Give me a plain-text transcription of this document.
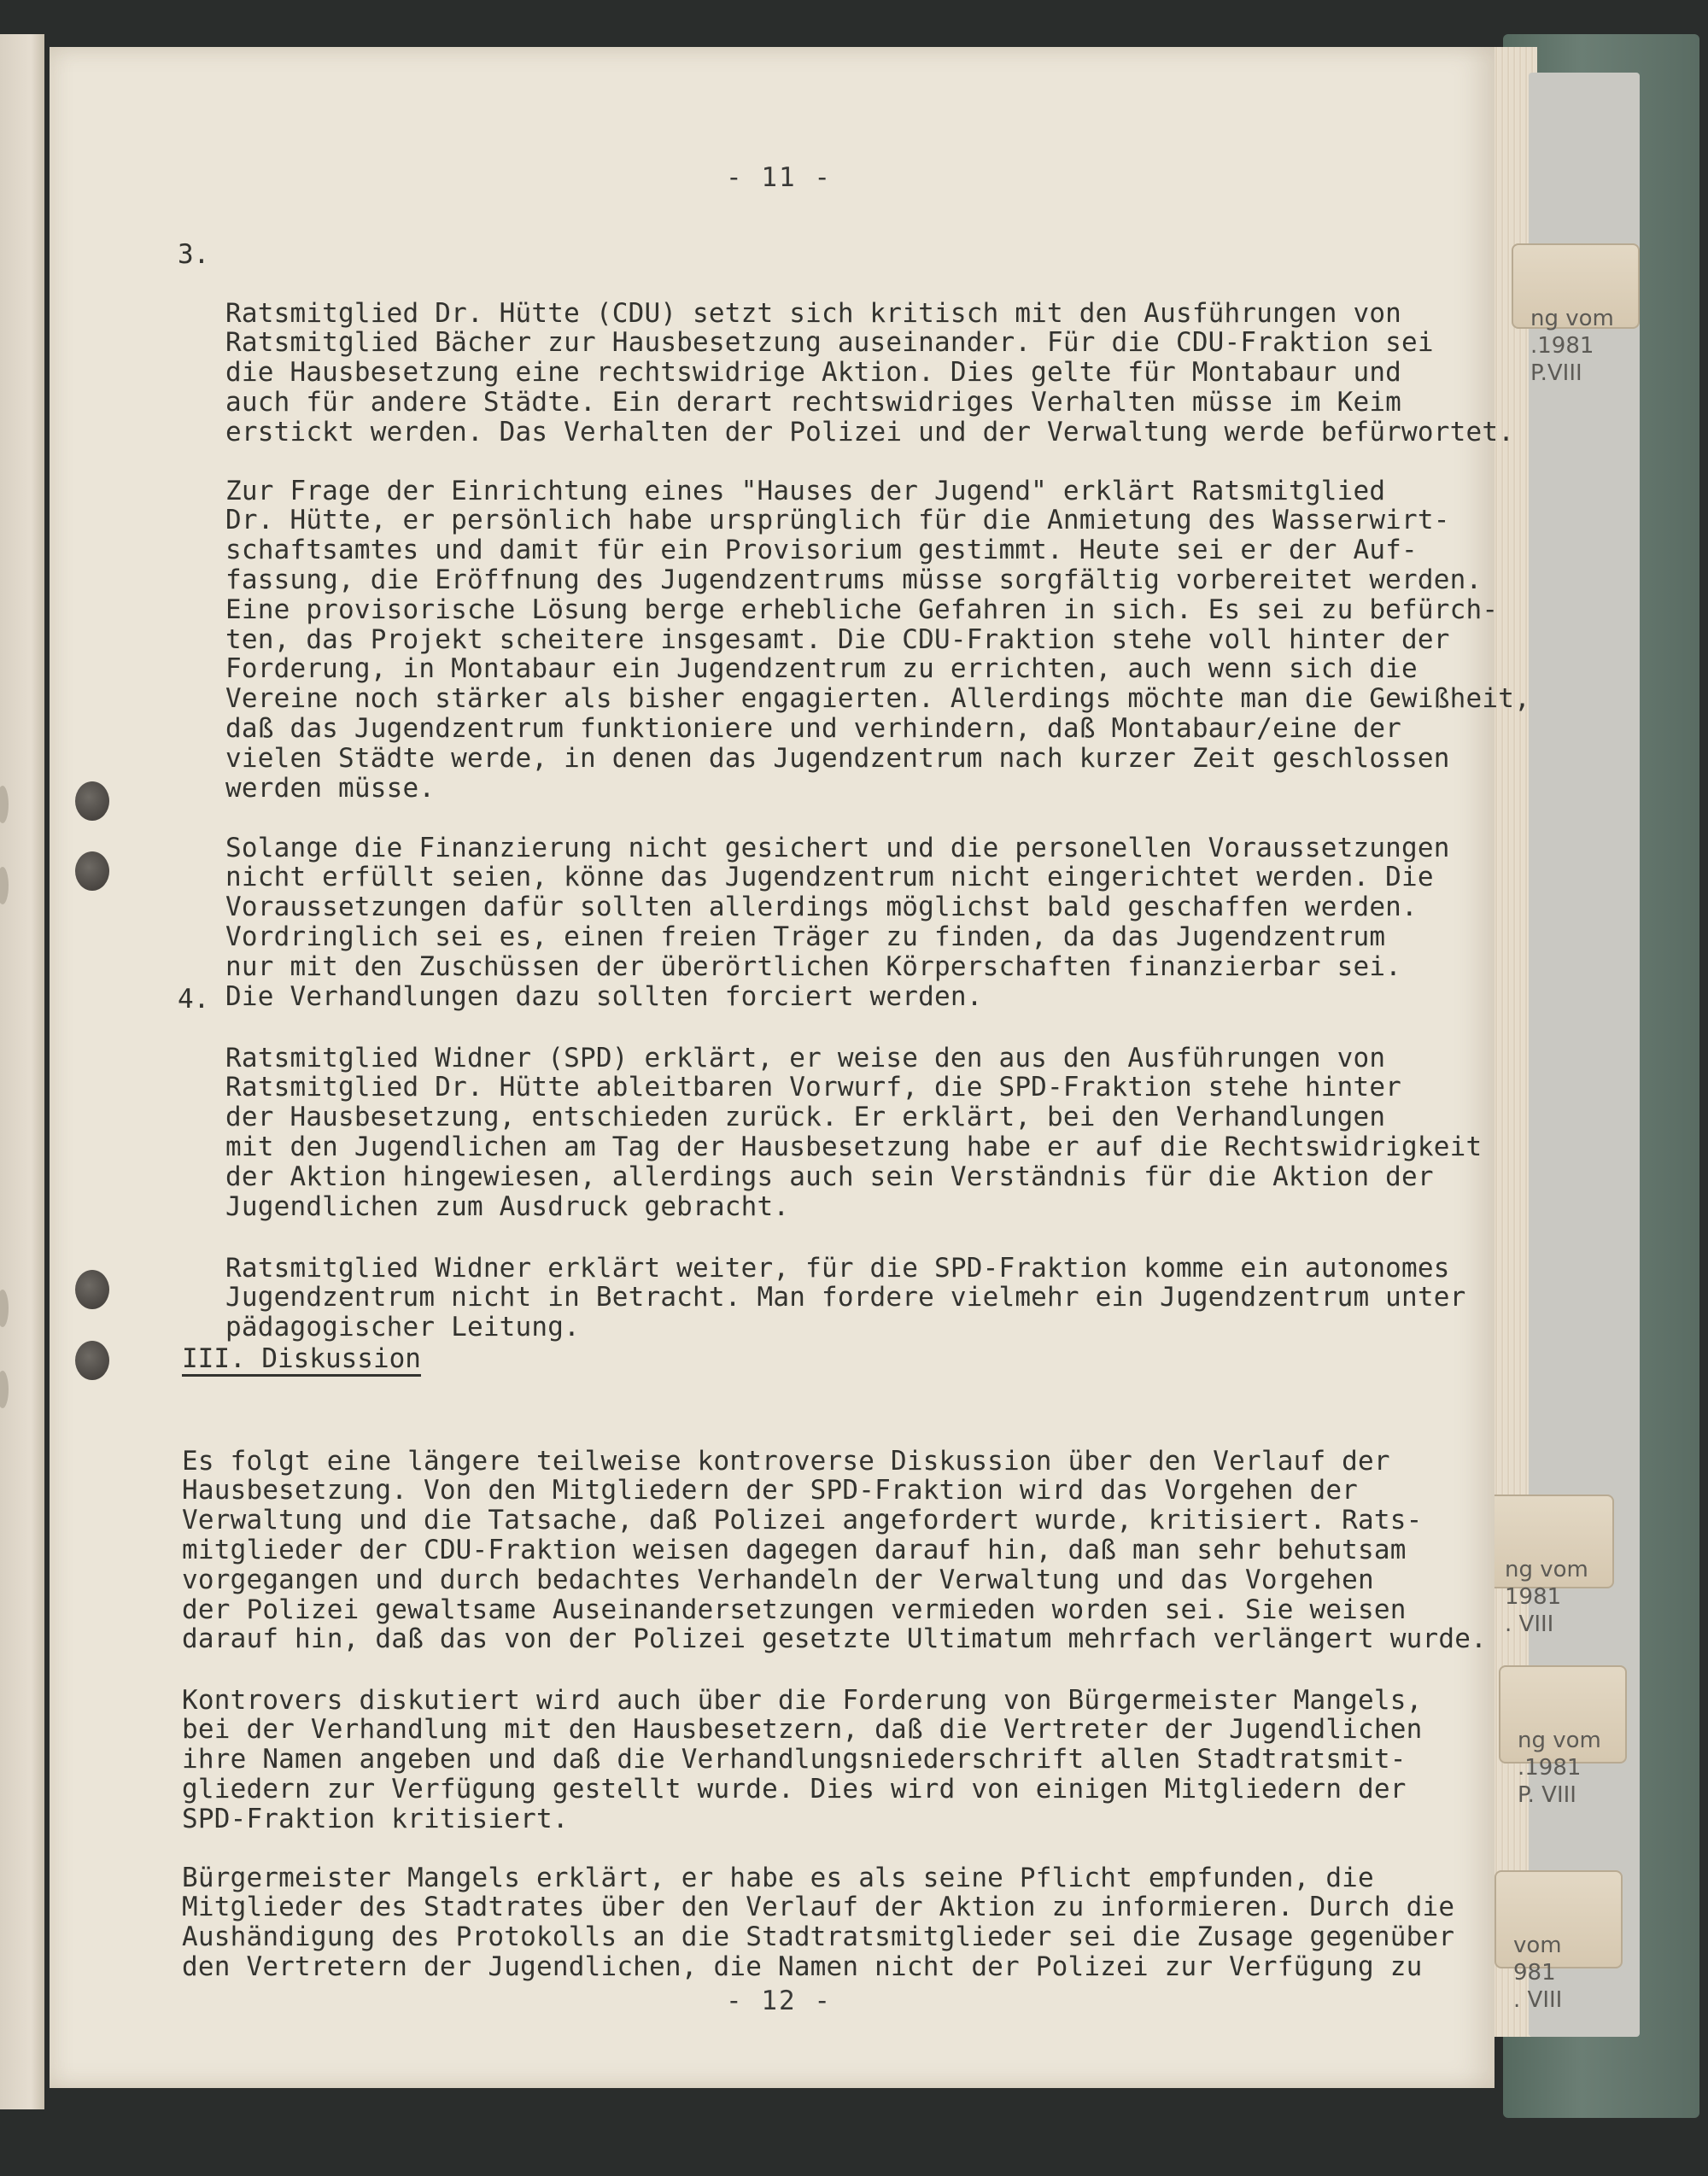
ng vom
.1981
P.VIII

ng vom
1981
. VIII

ng vom
.1981
P. VIII

vom
981
. VIII

- 11 -
- 12 -
3.

Ratsmitglied Dr. Hütte (CDU) setzt sich kritisch mit den Ausführungen von
Ratsmitglied Bächer zur Hausbesetzung auseinander. Für die CDU-Fraktion sei
die Hausbesetzung eine rechtswidrige Aktion. Dies gelte für Montabaur und
auch für andere Städte. Ein derart rechtswidriges Verhalten müsse im Keim
erstickt werden. Das Verhalten der Polizei und der Verwaltung werde befürwortet.

Zur Frage der Einrichtung eines "Hauses der Jugend" erklärt Ratsmitglied
Dr. Hütte, er persönlich habe ursprünglich für die Anmietung des Wasserwirt-
schaftsamtes und damit für ein Provisorium gestimmt. Heute sei er der Auf-
fassung, die Eröffnung des Jugendzentrums müsse sorgfältig vorbereitet werden.
Eine provisorische Lösung berge erhebliche Gefahren in sich. Es sei zu befürch-
ten, das Projekt scheitere insgesamt. Die CDU-Fraktion stehe voll hinter der
Forderung, in Montabaur ein Jugendzentrum zu errichten, auch wenn sich die
Vereine noch stärker als bisher engagierten. Allerdings möchte man die Gewißheit,
daß das Jugendzentrum funktioniere und verhindern, daß Montabaur/eine der
vielen Städte werde, in denen das Jugendzentrum nach kurzer Zeit geschlossen
werden müsse.

Solange die Finanzierung nicht gesichert und die personellen Voraussetzungen
nicht erfüllt seien, könne das Jugendzentrum nicht eingerichtet werden. Die
Voraussetzungen dafür sollten allerdings möglichst bald geschaffen werden.
Vordringlich sei es, einen freien Träger zu finden, da das Jugendzentrum
nur mit den Zuschüssen der überörtlichen Körperschaften finanzierbar sei.
Die Verhandlungen dazu sollten forciert werden.

4.

Ratsmitglied Widner (SPD) erklärt, er weise den aus den Ausführungen von
Ratsmitglied Dr. Hütte ableitbaren Vorwurf, die SPD-Fraktion stehe hinter
der Hausbesetzung, entschieden zurück. Er erklärt, bei den Verhandlungen
mit den Jugendlichen am Tag der Hausbesetzung habe er auf die Rechtswidrigkeit
der Aktion hingewiesen, allerdings auch sein Verständnis für die Aktion der
Jugendlichen zum Ausdruck gebracht.

Ratsmitglied Widner erklärt weiter, für die SPD-Fraktion komme ein autonomes
Jugendzentrum nicht in Betracht. Man fordere vielmehr ein Jugendzentrum unter
pädagogischer Leitung.

III. Diskussion

Es folgt eine längere teilweise kontroverse Diskussion über den Verlauf der
Hausbesetzung. Von den Mitgliedern der SPD-Fraktion wird das Vorgehen der
Verwaltung und die Tatsache, daß Polizei angefordert wurde, kritisiert. Rats-
mitglieder der CDU-Fraktion weisen dagegen darauf hin, daß man sehr behutsam
vorgegangen und durch bedachtes Verhandeln der Verwaltung und das Vorgehen
der Polizei gewaltsame Auseinandersetzungen vermieden worden sei. Sie weisen
darauf hin, daß das von der Polizei gesetzte Ultimatum mehrfach verlängert wurde.

Kontrovers diskutiert wird auch über die Forderung von Bürgermeister Mangels,
bei der Verhandlung mit den Hausbesetzern, daß die Vertreter der Jugendlichen
ihre Namen angeben und daß die Verhandlungsniederschrift allen Stadtratsmit-
gliedern zur Verfügung gestellt wurde. Dies wird von einigen Mitgliedern der
SPD-Fraktion kritisiert.

Bürgermeister Mangels erklärt, er habe es als seine Pflicht empfunden, die
Mitglieder des Stadtrates über den Verlauf der Aktion zu informieren. Durch die
Aushändigung des Protokolls an die Stadtratsmitglieder sei die Zusage gegenüber
den Vertretern der Jugendlichen, die Namen nicht der Polizei zur Verfügung zu
